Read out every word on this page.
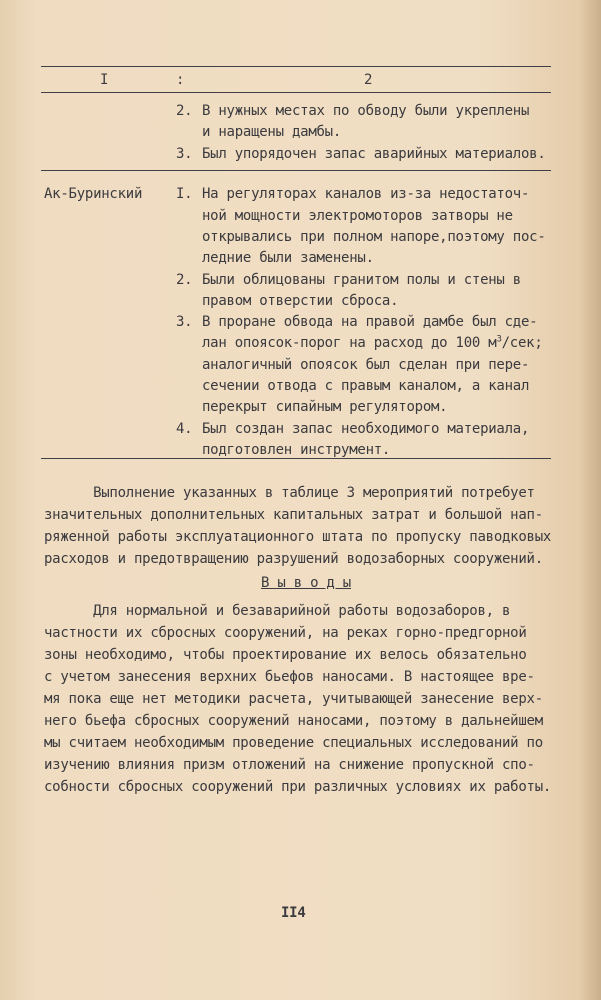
I	:	2
2. В нужных местах по обводу были укреплены
и наращены дамбы.
3. Был упорядочен запас аварийных материалов.
Ак-Буринский I. На регуляторах каналов из-за недостаточ-
ной мощности электромоторов затворы не
открывались при полном напоре,поэтому пос-
ледние были заменены.
2. Были облицованы гранитом полы и стены в
правом отверстии сброса.
3. В проране обвода на правой дамбе был сде-
лан опоясок-порог на расход до 100 $м^3$/сек;
аналогичный опоясок был сделан при пере-
сечении отвода с правым каналом, а канал
перекрыт сипайным регулятором.
4. Был создан запас необходимого материала,
подготовлен инструмент.
Выполнение указанных в таблице 3 мероприятий потребует
значительных дополнительных капитальных затрат и большой нап-
ряженной работы эксплуатационного штата по пропуску паводковых
расходов и предотвращению разрушений водозаборных сооружений.
В ы в о д ы
Для нормальной и безаварийной работы водозаборов, в
частности их сбросных сооружений, на реках горно-предгорной
зоны необходимо, чтобы проектирование их велось обязательно
с учетом занесения верхних бьефов наносами. В настоящее вре-
мя пока еще нет методики расчета, учитывающей занесение верх-
него бьефа сбросных сооружений наносами, поэтому в дальнейшем
мы считаем необходимым проведение специальных исследований по
изучению влияния призм отложений на снижение пропускной спо-
собности сбросных сооружений при различных условиях их работы.
II4
